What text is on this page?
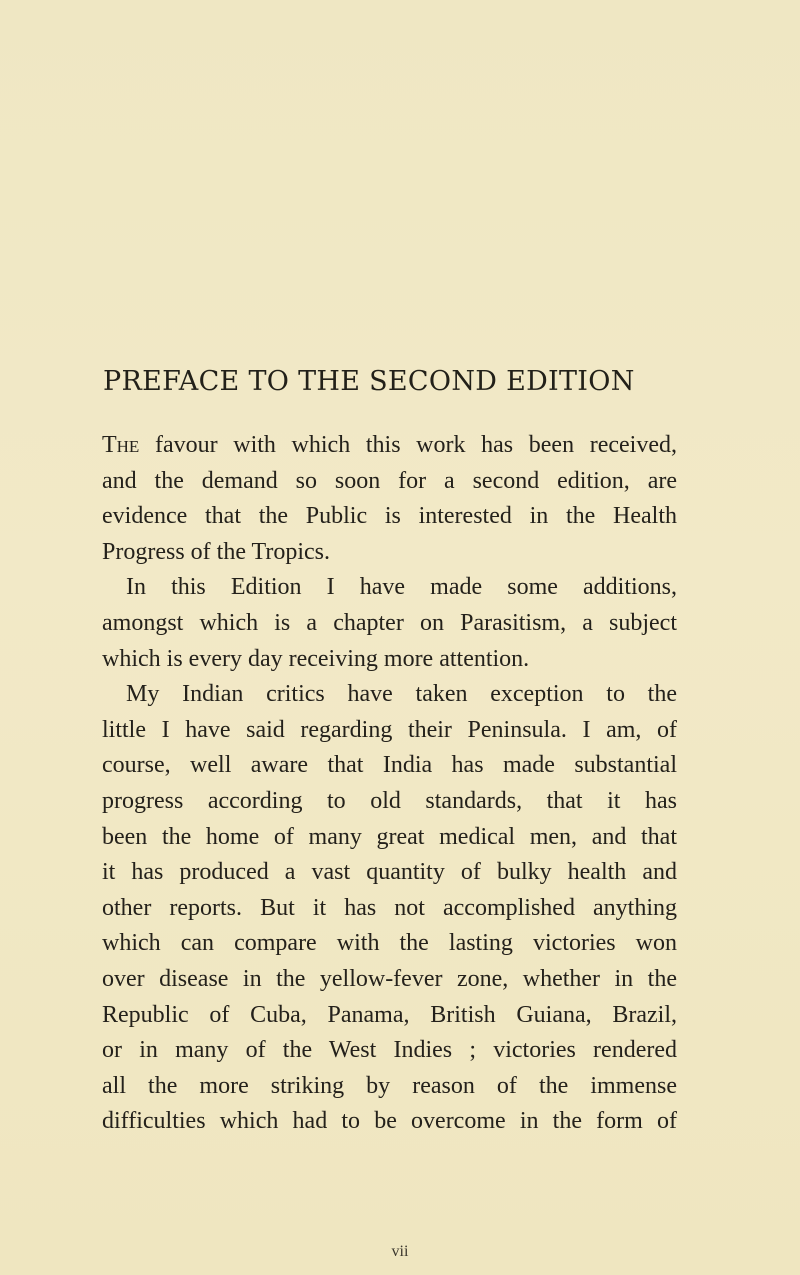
PREFACE TO THE SECOND EDITION
The favour with which this work has been received,
and the demand so soon for a second edition, are
evidence that the Public is interested in the Health
Progress of the Tropics.
In this Edition I have made some additions,
amongst which is a chapter on Parasitism, a subject
which is every day receiving more attention.
My Indian critics have taken exception to the
little I have said regarding their Peninsula. I am, of
course, well aware that India has made substantial
progress according to old standards, that it has
been the home of many great medical men, and that
it has produced a vast quantity of bulky health and
other reports. But it has not accomplished anything
which can compare with the lasting victories won
over disease in the yellow-fever zone, whether in the
Republic of Cuba, Panama, British Guiana, Brazil,
or in many of the West Indies ; victories rendered
all the more striking by reason of the immense
difficulties which had to be overcome in the form of
vii
